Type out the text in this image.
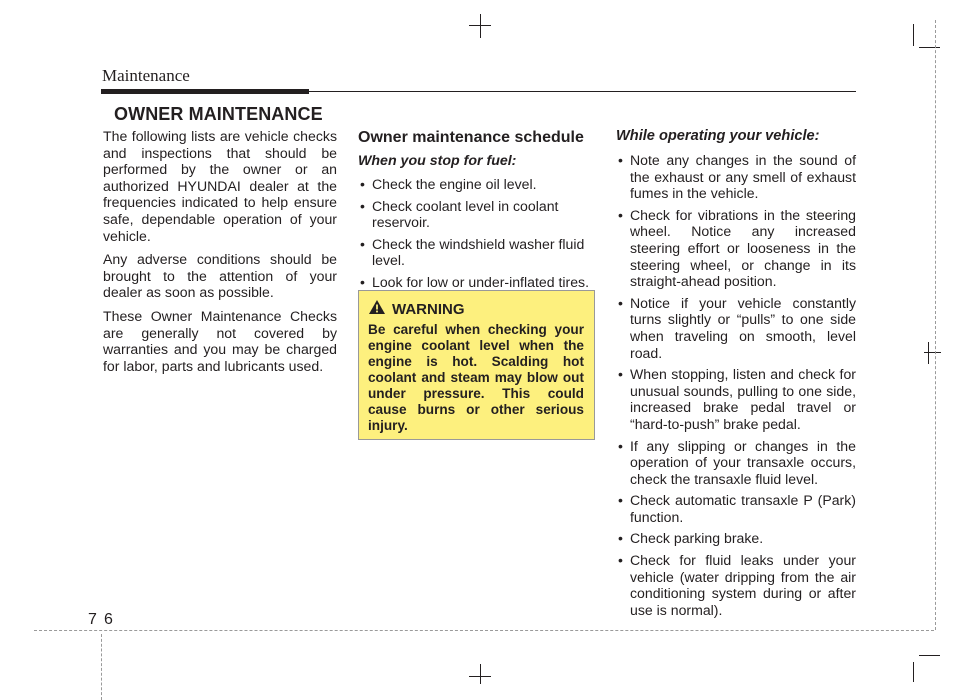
Maintenance
OWNER MAINTENANCE

The following lists are vehicle checks and inspections that should be performed by the owner or an authorized HYUNDAI dealer at the frequencies indicated to help ensure safe, dependable operation of your vehicle.

Any adverse conditions should be brought to the attention of your dealer as soon as possible.

These Owner Maintenance Checks are generally not covered by warranties and you may be charged for labor, parts and lubricants used.

Owner maintenance schedule
When you stop for fuel:
• Check the engine oil level.
• Check coolant level in coolant reservoir.
• Check the windshield washer fluid level.
• Look for low or under-inflated tires.
WARNING
Be careful when checking your engine coolant level when the engine is hot. Scalding hot coolant and steam may blow out under pressure. This could cause burns or other serious injury.
While operating your vehicle:
• Note any changes in the sound of the exhaust or any smell of exhaust fumes in the vehicle.
• Check for vibrations in the steering wheel. Notice any increased steering effort or looseness in the steering wheel, or change in its straight-ahead position.
• Notice if your vehicle constantly turns slightly or “pulls” to one side when traveling on smooth, level road.
• When stopping, listen and check for unusual sounds, pulling to one side, increased brake pedal travel or “hard-to-push” brake pedal.
• If any slipping or changes in the operation of your transaxle occurs, check the transaxle fluid level.
• Check automatic transaxle P (Park) function.
• Check parking brake.
• Check for fluid leaks under your vehicle (water dripping from the air conditioning system during or after use is normal).
7 6
